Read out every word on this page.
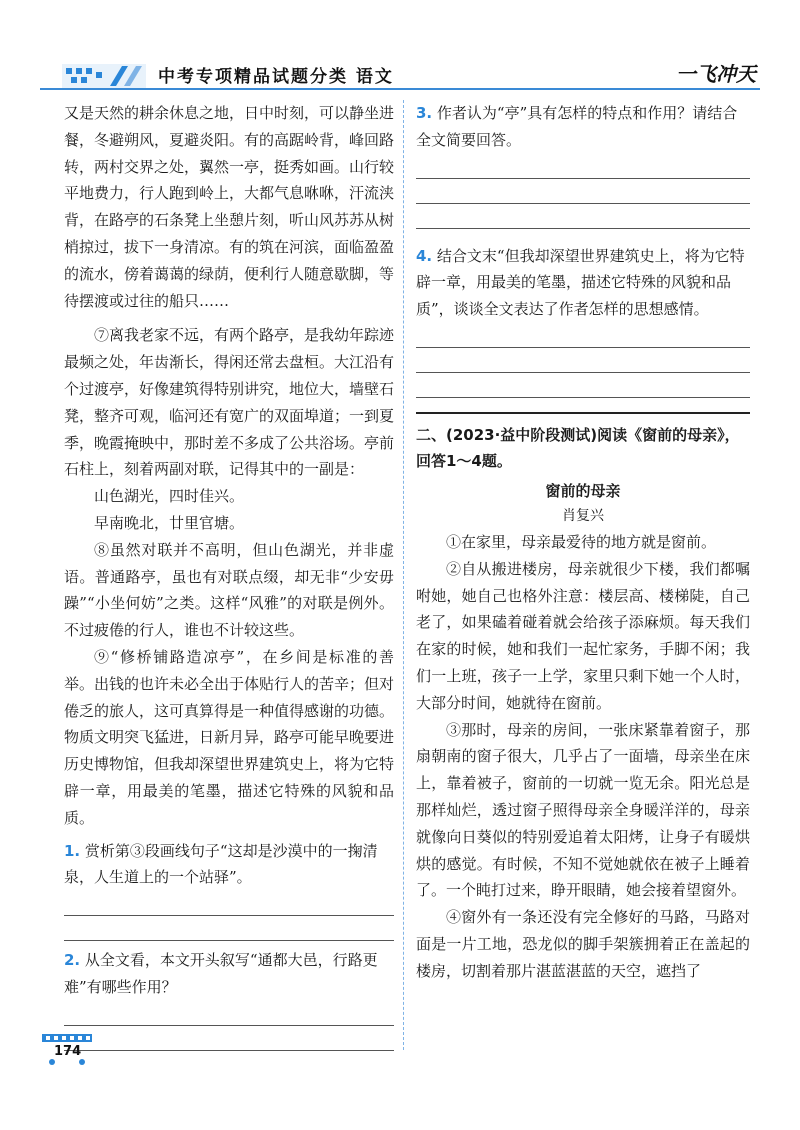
中考专项精品试题分类 语文	一飞冲天

又是天然的耕余休息之地，日中时刻，可以静坐进餐，冬避朔风，夏避炎阳。有的高踞岭背，峰回路转，两村交界之处，翼然一亭，挺秀如画。山行较平地费力，行人跑到岭上，大都气息咻咻，汗流浃背，在路亭的石条凳上坐憩片刻，听山风苏苏从树梢掠过，拔下一身清凉。有的筑在河滨，面临盈盈的流水，傍着蔼蔼的绿荫，便利行人随意歇脚，等待摆渡或过往的船只……

⑦离我老家不远，有两个路亭，是我幼年踪迹最频之处，年齿渐长，得闲还常去盘桓。大江沿有个过渡亭，好像建筑得特别讲究，地位大，墙壁石凳，整齐可观，临河还有宽广的双面埠道；一到夏季，晚霞掩映中，那时差不多成了公共浴场。亭前石柱上，刻着两副对联，记得其中的一副是：

山色湖光，四时佳兴。

早南晚北，廿里官塘。

⑧虽然对联并不高明，但山色湖光，并非虚语。普通路亭，虽也有对联点缀，却无非“少安毋躁”“小坐何妨”之类。这样“风雅”的对联是例外。不过疲倦的行人，谁也不计较这些。

⑨“修桥铺路造凉亭”，在乡间是标准的善举。出钱的也许未必全出于体贴行人的苦辛；但对倦乏的旅人，这可真算得是一种值得感谢的功德。物质文明突飞猛进，日新月异，路亭可能早晚要进历史博物馆，但我却深望世界建筑史上，将为它特辟一章，用最美的笔墨，描述它特殊的风貌和品质。

1. 赏析第③段画线句子“这却是沙漠中的一掬清泉，人生道上的一个站驿”。
2. 从全文看，本文开头叙写“通都大邑，行路更难”有哪些作用？
3. 作者认为“亭”具有怎样的特点和作用？请结合全文简要回答。
4. 结合文末“但我却深望世界建筑史上，将为它特辟一章，用最美的笔墨，描述它特殊的风貌和品质”，谈谈全文表达了作者怎样的思想感情。
二、(2023·益中阶段测试)阅读《窗前的母亲》，回答1～4题。
窗前的母亲
肖复兴

①在家里，母亲最爱待的地方就是窗前。

②自从搬进楼房，母亲就很少下楼，我们都嘱咐她，她自己也格外注意：楼层高、楼梯陡，自己老了，如果磕着碰着就会给孩子添麻烦。每天我们在家的时候，她和我们一起忙家务，手脚不闲；我们一上班，孩子一上学，家里只剩下她一个人时，大部分时间，她就待在窗前。

③那时，母亲的房间，一张床紧靠着窗子，那扇朝南的窗子很大，几乎占了一面墙，母亲坐在床上，靠着被子，窗前的一切就一览无余。阳光总是那样灿烂，透过窗子照得母亲全身暖洋洋的，母亲就像向日葵似的特别爱追着太阳烤，让身子有暖烘烘的感觉。有时候，不知不觉她就依在被子上睡着了。一个盹打过来，睁开眼睛，她会接着望窗外。

④窗外有一条还没有完全修好的马路，马路对面是一片工地，恐龙似的脚手架簇拥着正在盖起的楼房，切割着那片湛蓝湛蓝的天空，遮挡了

174
